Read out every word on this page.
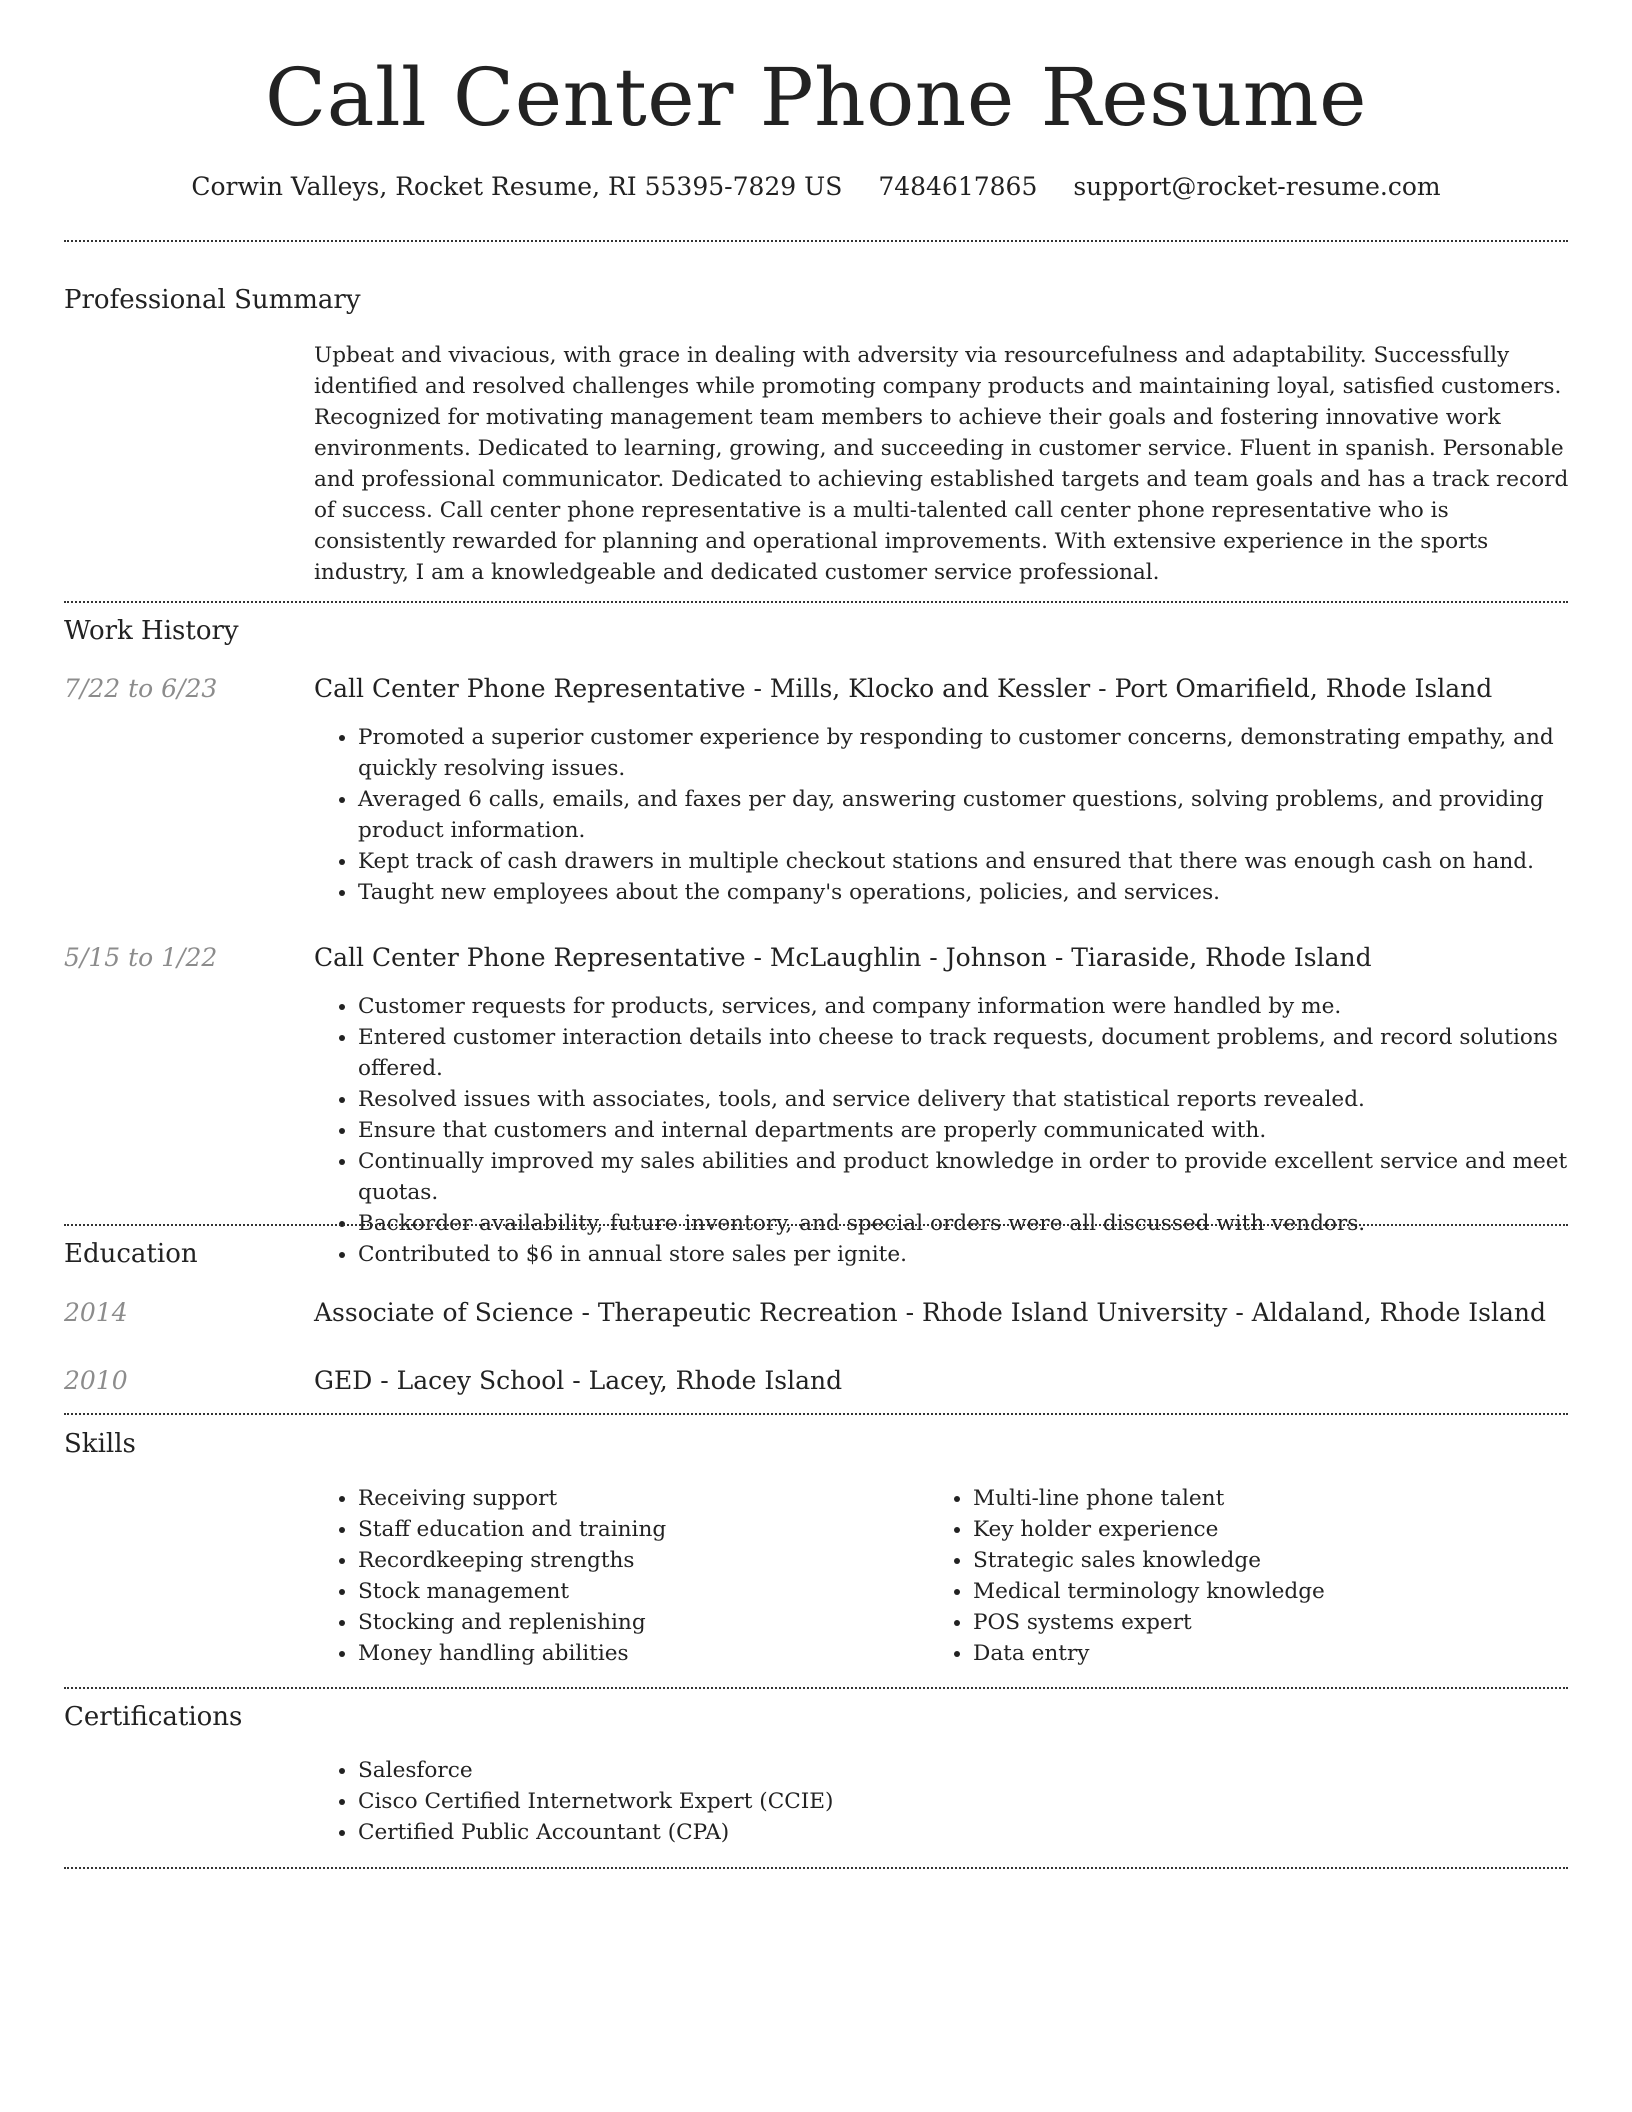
Call Center Phone Resume
Corwin Valleys, Rocket Resume, RI 55395-7829 US 7484617865 support@rocket-resume.com
Professional Summary
Upbeat and vivacious, with grace in dealing with adversity via resourcefulness and adaptability. Successfully identified and resolved challenges while promoting company products and maintaining loyal, satisfied customers. Recognized for motivating management team members to achieve their goals and fostering innovative work environments. Dedicated to learning, growing, and succeeding in customer service. Fluent in spanish. Personable and professional communicator. Dedicated to achieving established targets and team goals and has a track record of success. Call center phone representative is a multi-talented call center phone representative who is consistently rewarded for planning and operational improvements. With extensive experience in the sports industry, I am a knowledgeable and dedicated customer service professional.
Work History
7/22 to 6/23	Call Center Phone Representative - Mills, Klocko and Kessler - Port Omarifield, Rhode Island
• Promoted a superior customer experience by responding to customer concerns, demonstrating empathy, and quickly resolving issues.
• Averaged 6 calls, emails, and faxes per day, answering customer questions, solving problems, and providing product information.
• Kept track of cash drawers in multiple checkout stations and ensured that there was enough cash on hand.
• Taught new employees about the company's operations, policies, and services.
5/15 to 1/22	Call Center Phone Representative - McLaughlin - Johnson - Tiaraside, Rhode Island
• Customer requests for products, services, and company information were handled by me.
• Entered customer interaction details into cheese to track requests, document problems, and record solutions offered.
• Resolved issues with associates, tools, and service delivery that statistical reports revealed.
• Ensure that customers and internal departments are properly communicated with.
• Continually improved my sales abilities and product knowledge in order to provide excellent service and meet quotas.
• Backorder availability, future inventory, and special orders were all discussed with vendors.
• Contributed to $6 in annual store sales per ignite.
Education
2014	Associate of Science - Therapeutic Recreation - Rhode Island University - Aldaland, Rhode Island
2010	GED - Lacey School - Lacey, Rhode Island
Skills
• Receiving support
• Staff education and training
• Recordkeeping strengths
• Stock management
• Stocking and replenishing
• Money handling abilities
• Multi-line phone talent
• Key holder experience
• Strategic sales knowledge
• Medical terminology knowledge
• POS systems expert
• Data entry
Certifications
• Salesforce
• Cisco Certified Internetwork Expert (CCIE)
• Certified Public Accountant (CPA)
